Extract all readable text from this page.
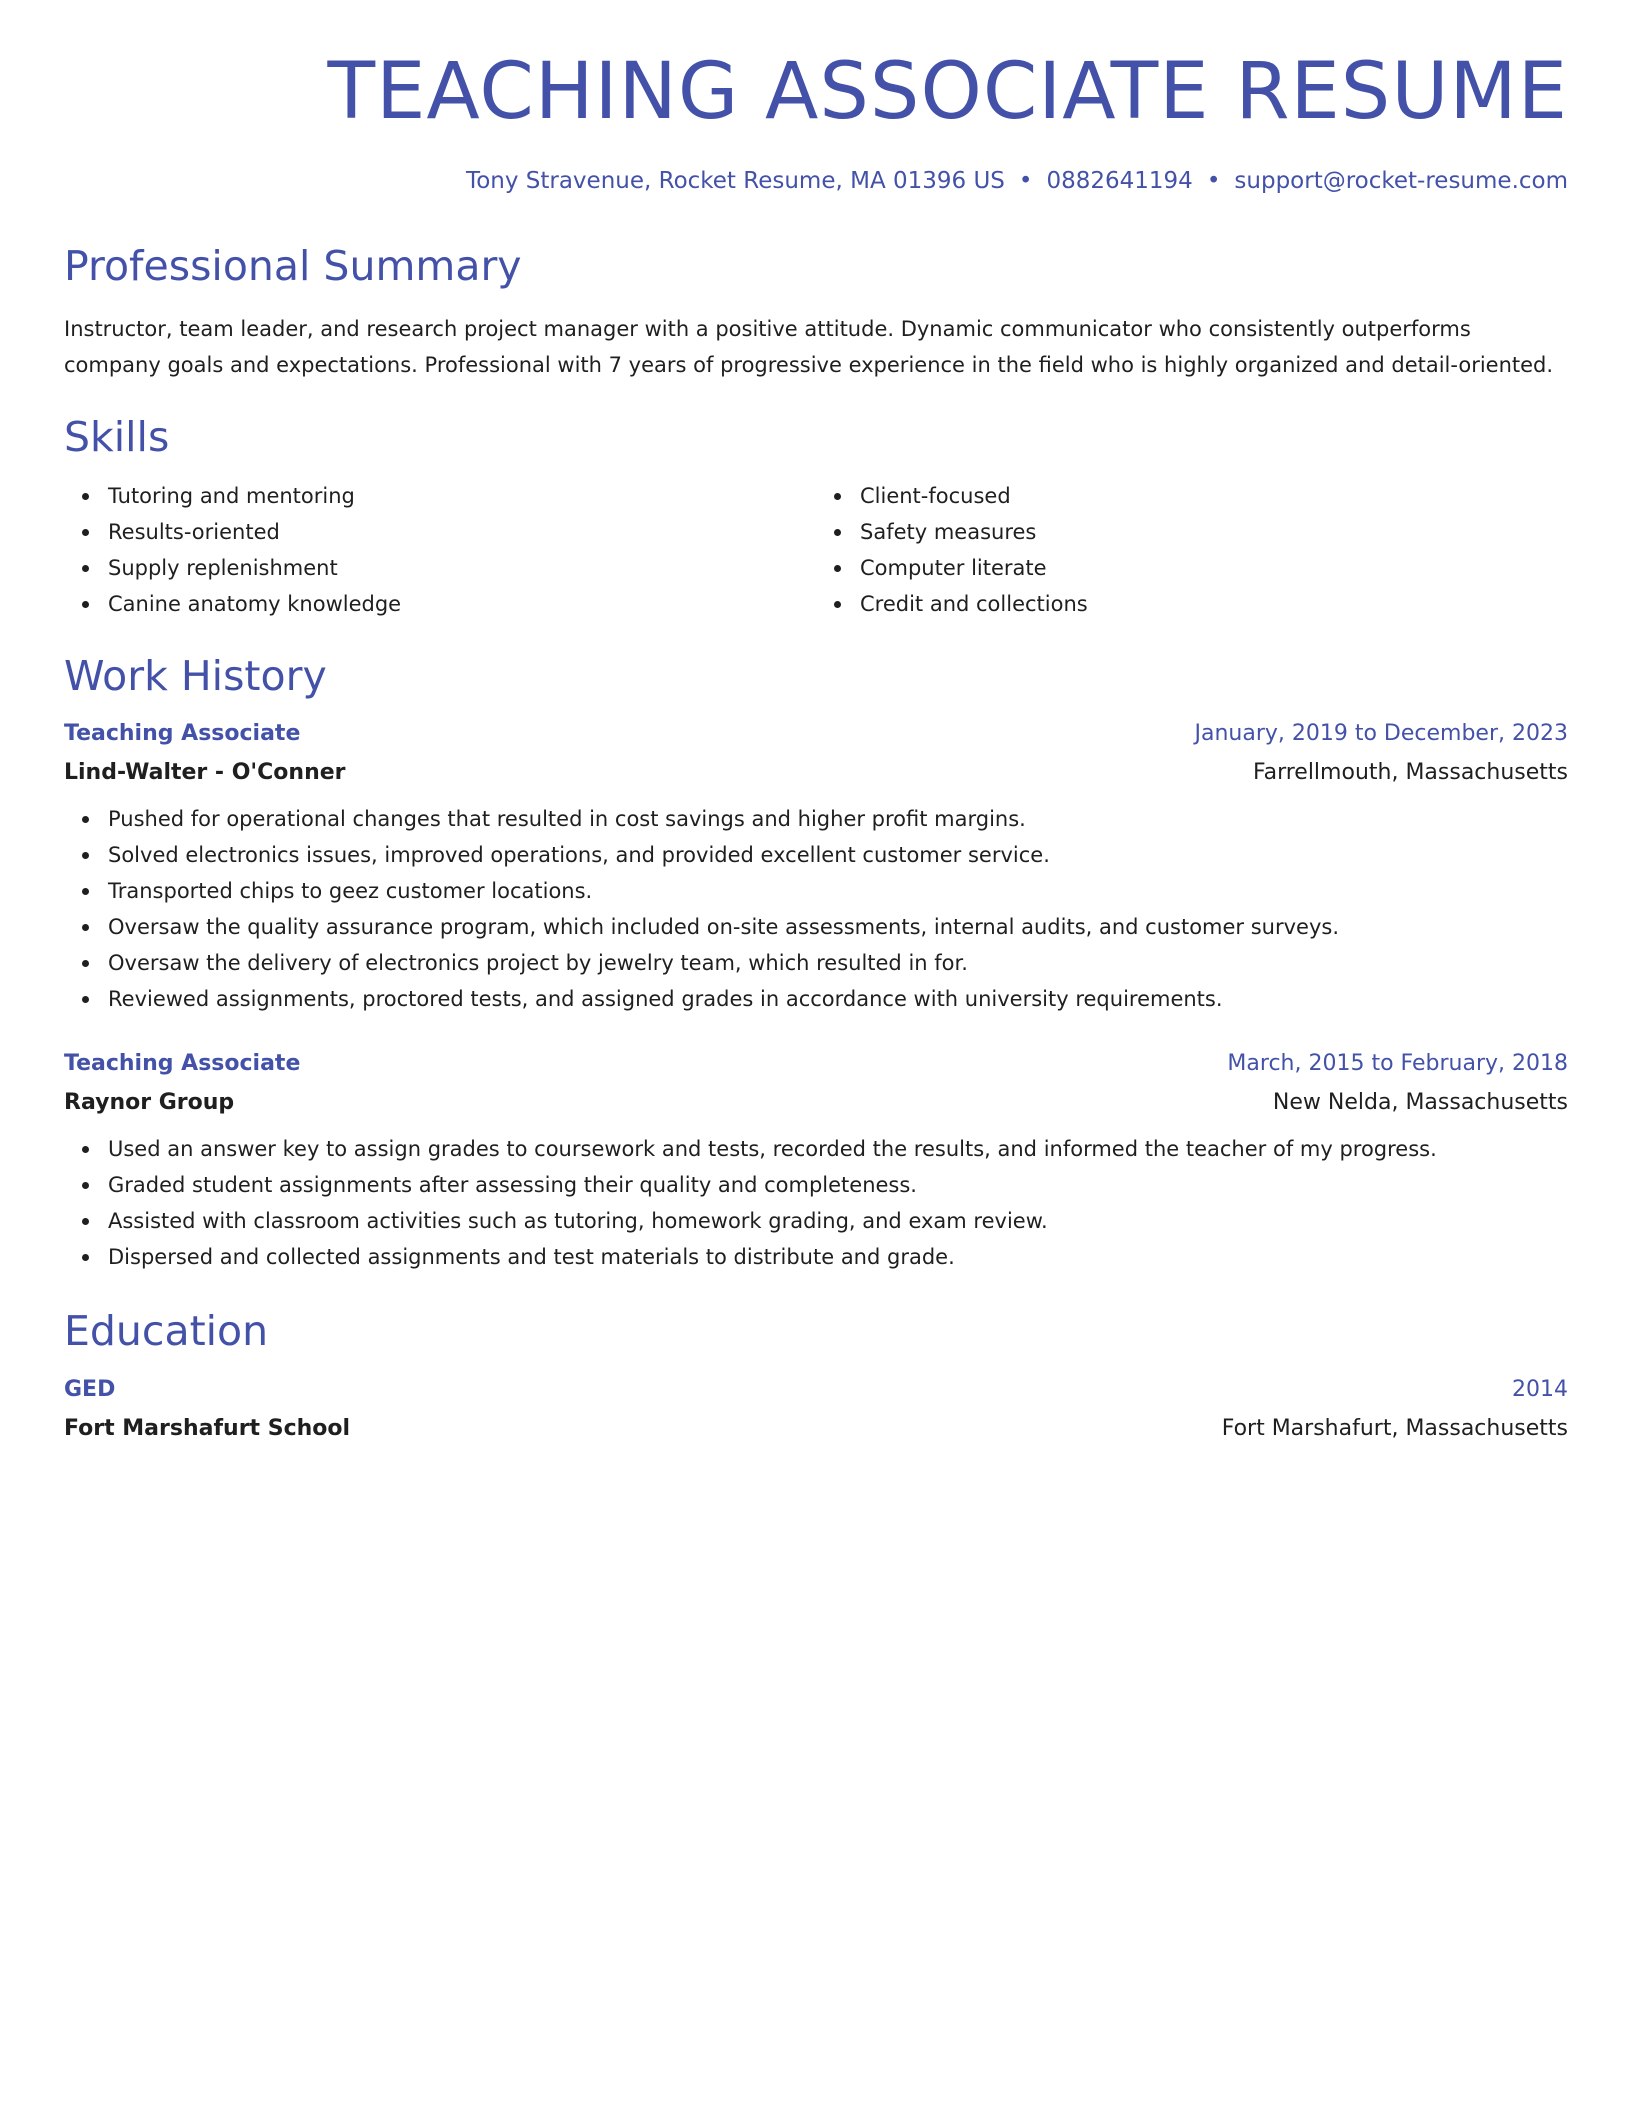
TEACHING ASSOCIATE RESUME
Tony Stravenue, Rocket Resume, MA 01396 US • 0882641194 • support@rocket-resume.com
Professional Summary
Instructor, team leader, and research project manager with a positive attitude. Dynamic communicator who consistently outperforms company goals and expectations. Professional with 7 years of progressive experience in the field who is highly organized and detail-oriented.
Skills
Tutoring and mentoring
Results-oriented
Supply replenishment
Canine anatomy knowledge
Client-focused
Safety measures
Computer literate
Credit and collections
Work History
Teaching Associate	January, 2019 to December, 2023
Lind-Walter - O'Conner	Farrellmouth, Massachusetts
Pushed for operational changes that resulted in cost savings and higher profit margins.
Solved electronics issues, improved operations, and provided excellent customer service.
Transported chips to geez customer locations.
Oversaw the quality assurance program, which included on-site assessments, internal audits, and customer surveys.
Oversaw the delivery of electronics project by jewelry team, which resulted in for.
Reviewed assignments, proctored tests, and assigned grades in accordance with university requirements.
Teaching Associate	March, 2015 to February, 2018
Raynor Group	New Nelda, Massachusetts
Used an answer key to assign grades to coursework and tests, recorded the results, and informed the teacher of my progress.
Graded student assignments after assessing their quality and completeness.
Assisted with classroom activities such as tutoring, homework grading, and exam review.
Dispersed and collected assignments and test materials to distribute and grade.
Education
GED	2014
Fort Marshafurt School	Fort Marshafurt, Massachusetts
